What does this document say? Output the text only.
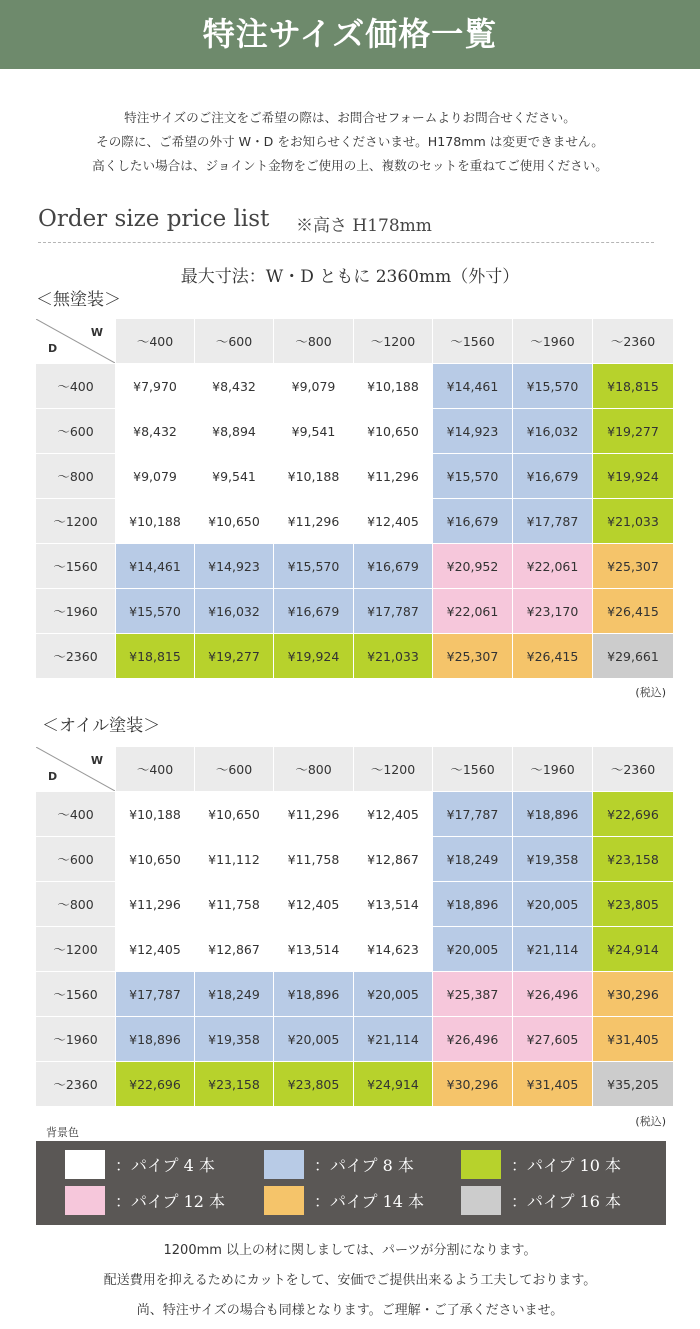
特注サイズ価格一覧
特注サイズのご注文をご希望の際は、お問合せフォームよりお問合せください。
その際に、ご希望の外寸 W・D をお知らせくださいませ。H178mm は変更できません。
高くしたい場合は、ジョイント金物をご使用の上、複数のセットを重ねてご使用ください。
Order size price list ※高さ H178mm
最大寸法：W・D ともに 2360mm（外寸）
＜無塗装＞
W
D	～400	～600	～800	～1200	～1560	～1960	～2360
～400	¥7,970	¥8,432	¥9,079	¥10,188	¥14,461	¥15,570	¥18,815
～600	¥8,432	¥8,894	¥9,541	¥10,650	¥14,923	¥16,032	¥19,277
～800	¥9,079	¥9,541	¥10,188	¥11,296	¥15,570	¥16,679	¥19,924
～1200	¥10,188	¥10,650	¥11,296	¥12,405	¥16,679	¥17,787	¥21,033
～1560	¥14,461	¥14,923	¥15,570	¥16,679	¥20,952	¥22,061	¥25,307
～1960	¥15,570	¥16,032	¥16,679	¥17,787	¥22,061	¥23,170	¥26,415
～2360	¥18,815	¥19,277	¥19,924	¥21,033	¥25,307	¥26,415	¥29,661
(税込)
＜オイル塗装＞
W
D	～400	～600	～800	～1200	～1560	～1960	～2360
～400	¥10,188	¥10,650	¥11,296	¥12,405	¥17,787	¥18,896	¥22,696
～600	¥10,650	¥11,112	¥11,758	¥12,867	¥18,249	¥19,358	¥23,158
～800	¥11,296	¥11,758	¥12,405	¥13,514	¥18,896	¥20,005	¥23,805
～1200	¥12,405	¥12,867	¥13,514	¥14,623	¥20,005	¥21,114	¥24,914
～1560	¥17,787	¥18,249	¥18,896	¥20,005	¥25,387	¥26,496	¥30,296
～1960	¥18,896	¥19,358	¥20,005	¥21,114	¥26,496	¥27,605	¥31,405
～2360	¥22,696	¥23,158	¥23,805	¥24,914	¥30,296	¥31,405	¥35,205
(税込)
背景色
：パイプ 4 本	：パイプ 8 本	：パイプ 10 本
：パイプ 12 本	：パイプ 14 本	：パイプ 16 本
1200mm 以上の材に関しましては、パーツが分割になります。
配送費用を抑えるためにカットをして、安価でご提供出来るよう工夫しております。
尚、特注サイズの場合も同様となります。ご理解・ご了承くださいませ。
